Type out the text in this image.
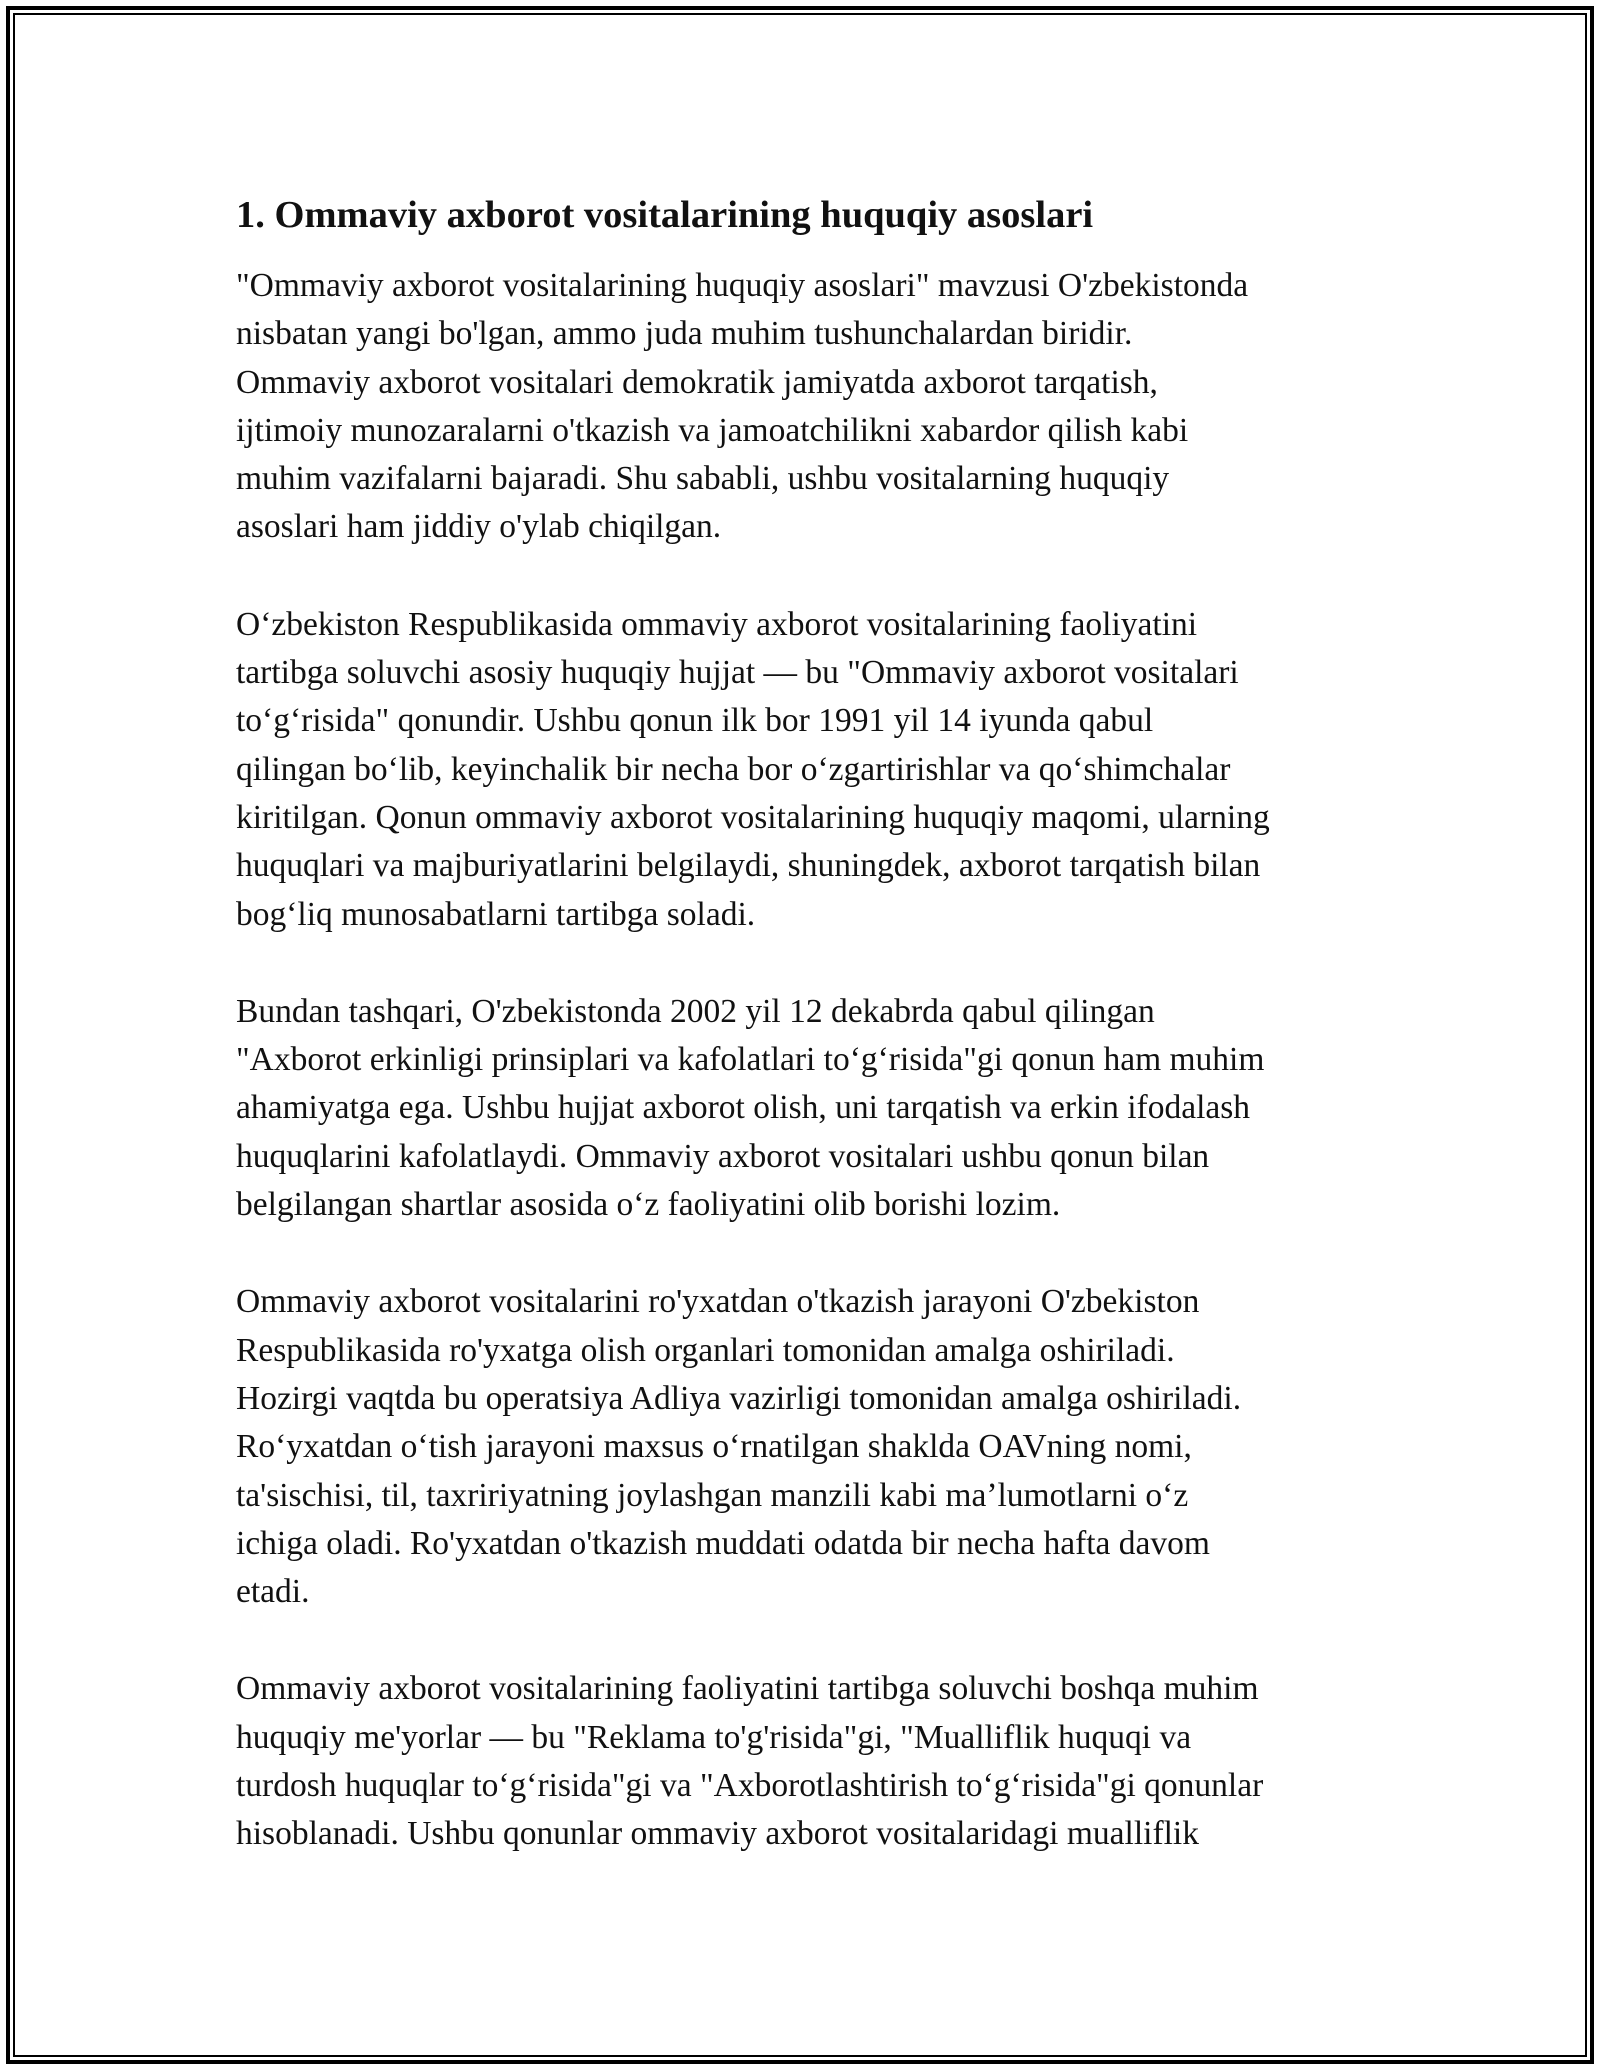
1. Ommaviy axborot vositalarining huquqiy asoslari

"Ommaviy axborot vositalarining huquqiy asoslari" mavzusi O'zbekistonda
nisbatan yangi bo'lgan, ammo juda muhim tushunchalardan biridir.
Ommaviy axborot vositalari demokratik jamiyatda axborot tarqatish,
ijtimoiy munozaralarni o'tkazish va jamoatchilikni xabardor qilish kabi
muhim vazifalarni bajaradi. Shu sababli, ushbu vositalarning huquqiy
asoslari ham jiddiy o'ylab chiqilgan.

Oʻzbekiston Respublikasida ommaviy axborot vositalarining faoliyatini
tartibga soluvchi asosiy huquqiy hujjat — bu "Ommaviy axborot vositalari
toʻgʻrisida" qonundir. Ushbu qonun ilk bor 1991 yil 14 iyunda qabul
qilingan boʻlib, keyinchalik bir necha bor oʻzgartirishlar va qoʻshimchalar
kiritilgan. Qonun ommaviy axborot vositalarining huquqiy maqomi, ularning
huquqlari va majburiyatlarini belgilaydi, shuningdek, axborot tarqatish bilan
bogʻliq munosabatlarni tartibga soladi.

Bundan tashqari, O'zbekistonda 2002 yil 12 dekabrda qabul qilingan
"Axborot erkinligi prinsiplari va kafolatlari toʻgʻrisida"gi qonun ham muhim
ahamiyatga ega. Ushbu hujjat axborot olish, uni tarqatish va erkin ifodalash
huquqlarini kafolatlaydi. Ommaviy axborot vositalari ushbu qonun bilan
belgilangan shartlar asosida oʻz faoliyatini olib borishi lozim.

Ommaviy axborot vositalarini ro'yxatdan o'tkazish jarayoni O'zbekiston
Respublikasida ro'yxatga olish organlari tomonidan amalga oshiriladi.
Hozirgi vaqtda bu operatsiya Adliya vazirligi tomonidan amalga oshiriladi.
Roʻyxatdan oʻtish jarayoni maxsus oʻrnatilgan shaklda OAVning nomi,
ta'sischisi, til, taxririyatning joylashgan manzili kabi maʼlumotlarni oʻz
ichiga oladi. Ro'yxatdan o'tkazish muddati odatda bir necha hafta davom
etadi.

Ommaviy axborot vositalarining faoliyatini tartibga soluvchi boshqa muhim
huquqiy me'yorlar — bu "Reklama to'g'risida"gi, "Mualliflik huquqi va
turdosh huquqlar toʻgʻrisida"gi va "Axborotlashtirish toʻgʻrisida"gi qonunlar
hisoblanadi. Ushbu qonunlar ommaviy axborot vositalaridagi mualliflik
